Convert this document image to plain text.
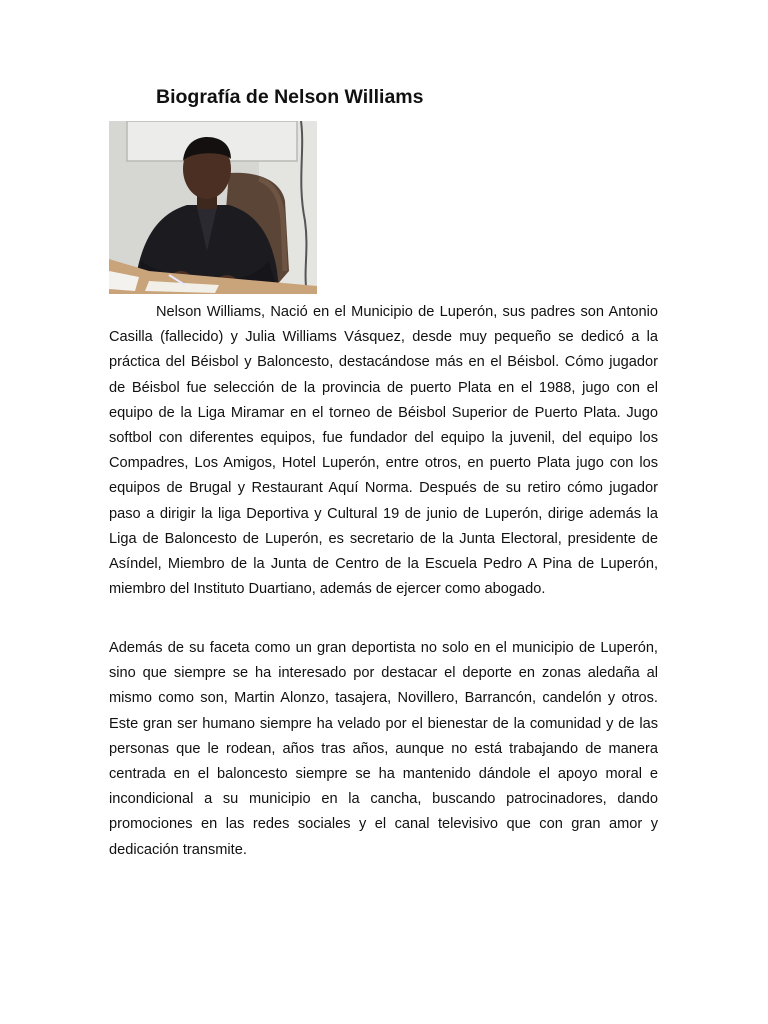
Biografía de Nelson Williams

Nelson Williams, Nació en el Municipio de Luperón, sus padres son Antonio Casilla (fallecido) y Julia Williams Vásquez, desde muy pequeño se dedicó a la práctica del Béisbol y Baloncesto, destacándose más en el Béisbol. Cómo jugador de Béisbol fue selección de la provincia de puerto Plata en el 1988, jugo con el equipo de la Liga Miramar en el torneo de Béisbol Superior de Puerto Plata. Jugo softbol con diferentes equipos, fue fundador del equipo la juvenil, del equipo los Compadres, Los Amigos, Hotel Luperón, entre otros, en puerto Plata jugo con los equipos de Brugal y Restaurant Aquí Norma. Después de su retiro cómo jugador paso a dirigir la liga Deportiva y Cultural 19 de junio de Luperón, dirige además la Liga de Baloncesto de Luperón, es secretario de la Junta Electoral, presidente de Asíndel, Miembro de la Junta de Centro de la Escuela Pedro A Pina de Luperón, miembro del Instituto Duartiano, además de ejercer como abogado.

Además de su faceta como un gran deportista no solo en el municipio de Luperón, sino que siempre se ha interesado por destacar el deporte en zonas aledaña al mismo como son, Martin Alonzo, tasajera, Novillero, Barrancón, candelón y otros. Este gran ser humano siempre ha velado por el bienestar de la comunidad y de las personas que le rodean, años tras años, aunque no está trabajando de manera centrada en el baloncesto siempre se ha mantenido dándole el apoyo moral e incondicional a su municipio en la cancha, buscando patrocinadores, dando promociones en las redes sociales y el canal televisivo que con gran amor y dedicación transmite.
